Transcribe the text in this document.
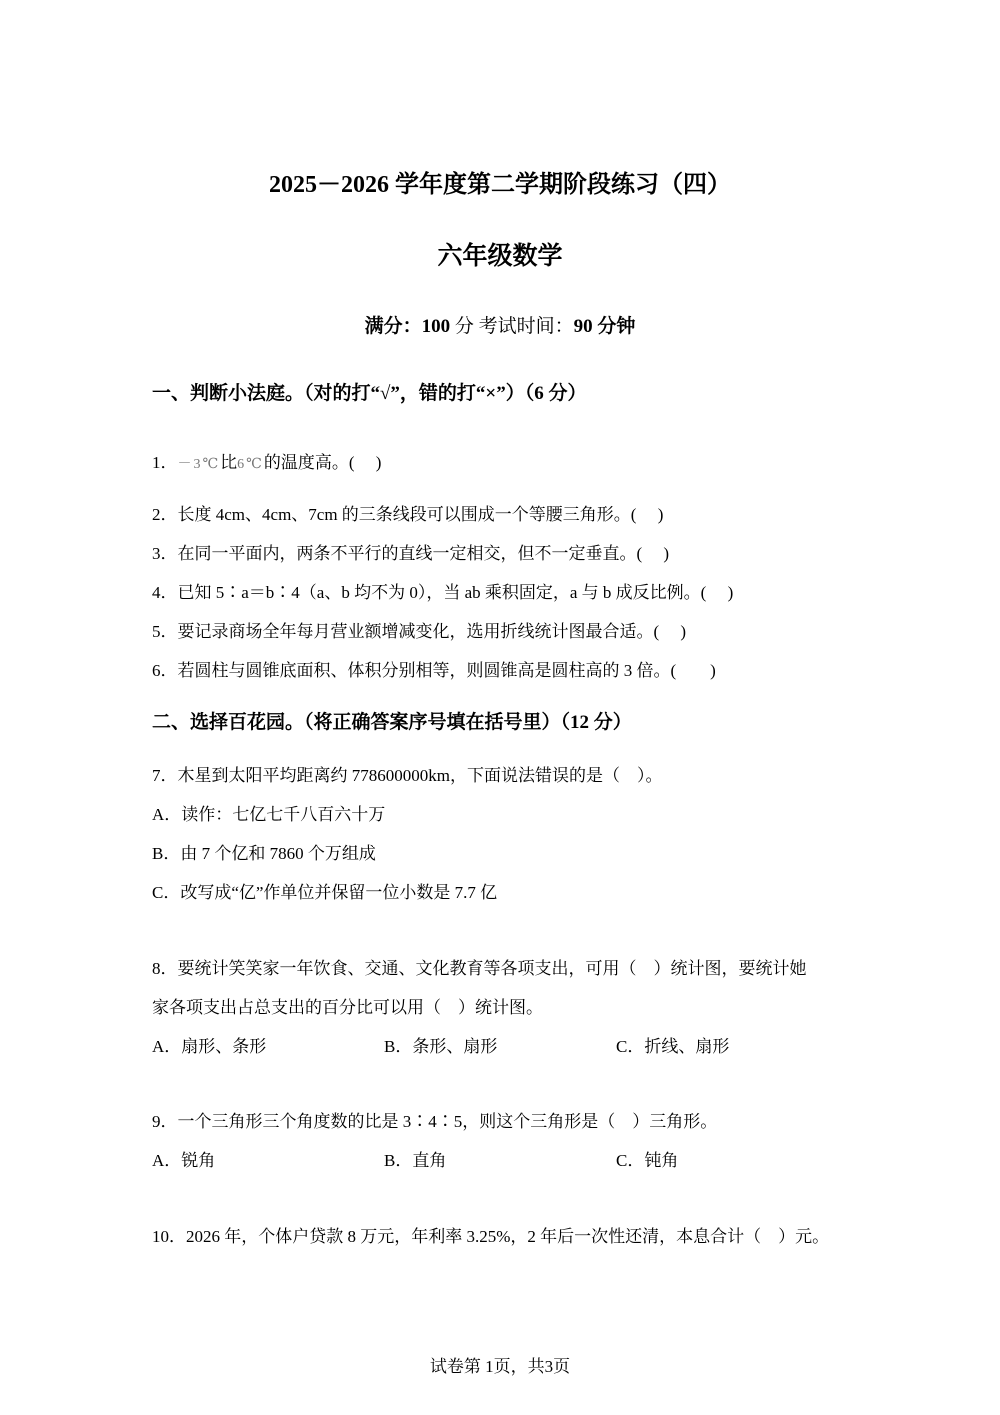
2025－2026 学年度第二学期阶段练习（四）
六年级数学
满分：100 分 考试时间：90 分钟
一、判断小法庭。（对的打“√”，错的打“×”）（6 分）
1．－3℃比6℃的温度高。(　 )
2．长度 4cm、4cm、7cm 的三条线段可以围成一个等腰三角形。(　 )
3．在同一平面内，两条不平行的直线一定相交，但不一定垂直。(　 )
4．已知 5∶a＝b∶4（a、b 均不为 0），当 ab 乘积固定，a 与 b 成反比例。(　 )
5．要记录商场全年每月营业额增减变化，选用折线统计图最合适。(　 )
6．若圆柱与圆锥底面积、体积分别相等，则圆锥高是圆柱高的 3 倍。(　　)
二、选择百花园。（将正确答案序号填在括号里）（12 分）
7．木星到太阳平均距离约 778600000km，下面说法错误的是（　）。
A．读作：七亿七千八百六十万
B．由 7 个亿和 7860 个万组成
C．改写成“亿”作单位并保留一位小数是 7.7 亿
8．要统计笑笑家一年饮食、交通、文化教育等各项支出，可用（　）统计图，要统计她
家各项支出占总支出的百分比可以用（　）统计图。
A．扇形、条形	B．条形、扇形	C．折线、扇形
9．一个三角形三个角度数的比是 3∶4∶5，则这个三角形是（　）三角形。
A．锐角	B．直角	C．钝角
10．2026 年，个体户贷款 8 万元，年利率 3.25%，2 年后一次性还清，本息合计（　）元。
试卷第 1页，共3页
